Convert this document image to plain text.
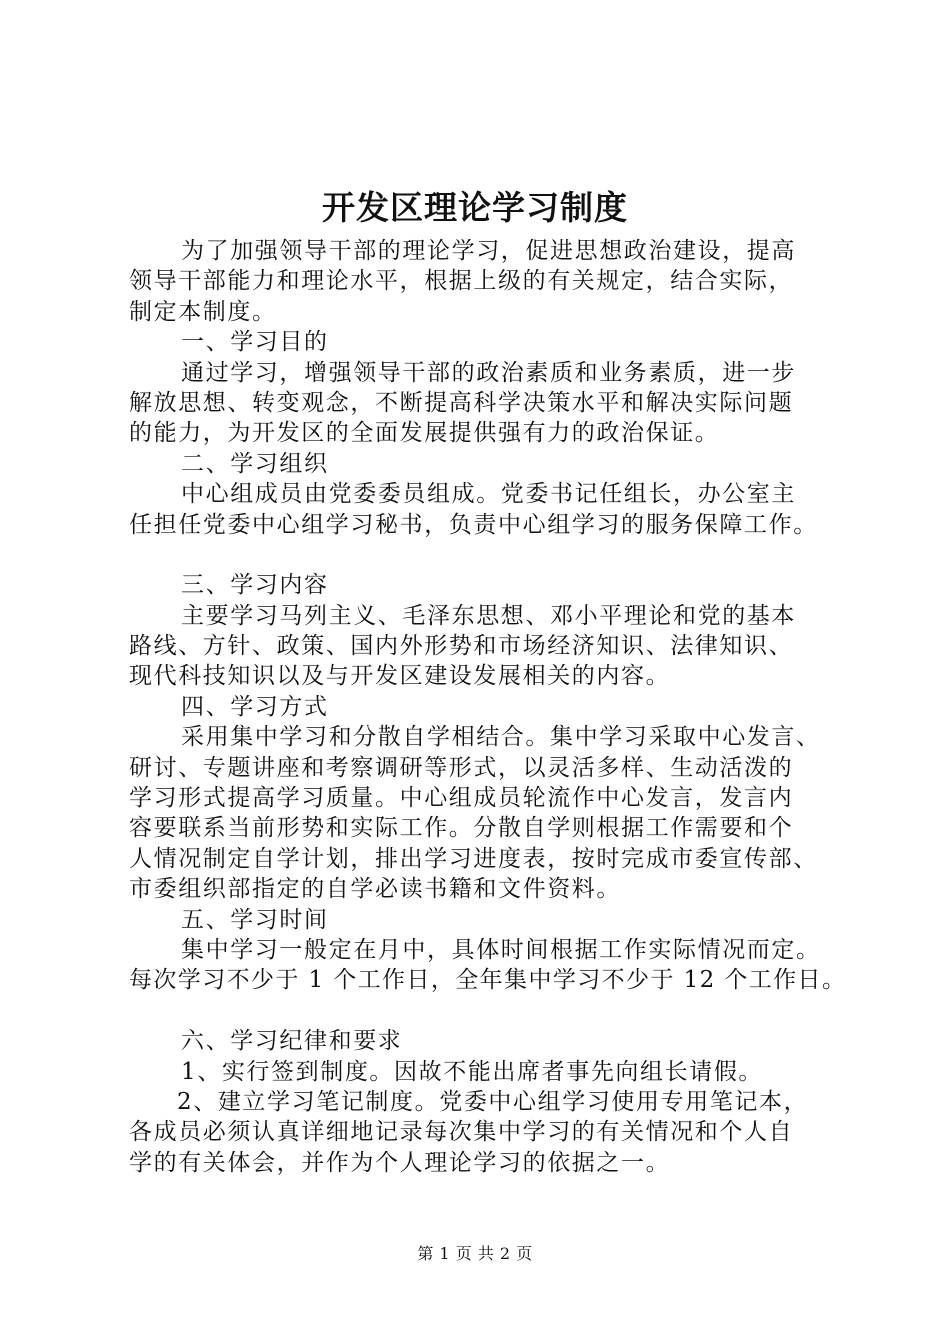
开发区理论学习制度
为了加强领导干部的理论学习，促进思想政治建设，提高
领导干部能力和理论水平，根据上级的有关规定，结合实际，
制定本制度。
一、学习目的
通过学习，增强领导干部的政治素质和业务素质，进一步
解放思想、转变观念，不断提高科学决策水平和解决实际问题
的能力，为开发区的全面发展提供强有力的政治保证。
二、学习组织
中心组成员由党委委员组成。党委书记任组长，办公室主
任担任党委中心组学习秘书，负责中心组学习的服务保障工作。
三、学习内容
主要学习马列主义、毛泽东思想、邓小平理论和党的基本
路线、方针、政策、国内外形势和市场经济知识、法律知识、
现代科技知识以及与开发区建设发展相关的内容。
四、学习方式
采用集中学习和分散自学相结合。集中学习采取中心发言、
研讨、专题讲座和考察调研等形式，以灵活多样、生动活泼的
学习形式提高学习质量。中心组成员轮流作中心发言，发言内
容要联系当前形势和实际工作。分散自学则根据工作需要和个
人情况制定自学计划，排出学习进度表，按时完成市委宣传部、
市委组织部指定的自学必读书籍和文件资料。
五、学习时间
集中学习一般定在月中，具体时间根据工作实际情况而定。
每次学习不少于 1 个工作日，全年集中学习不少于 12 个工作日。
六、学习纪律和要求
1、实行签到制度。因故不能出席者事先向组长请假。
2、建立学习笔记制度。党委中心组学习使用专用笔记本，
各成员必须认真详细地记录每次集中学习的有关情况和个人自
学的有关体会，并作为个人理论学习的依据之一。
第 1 页 共 2 页
